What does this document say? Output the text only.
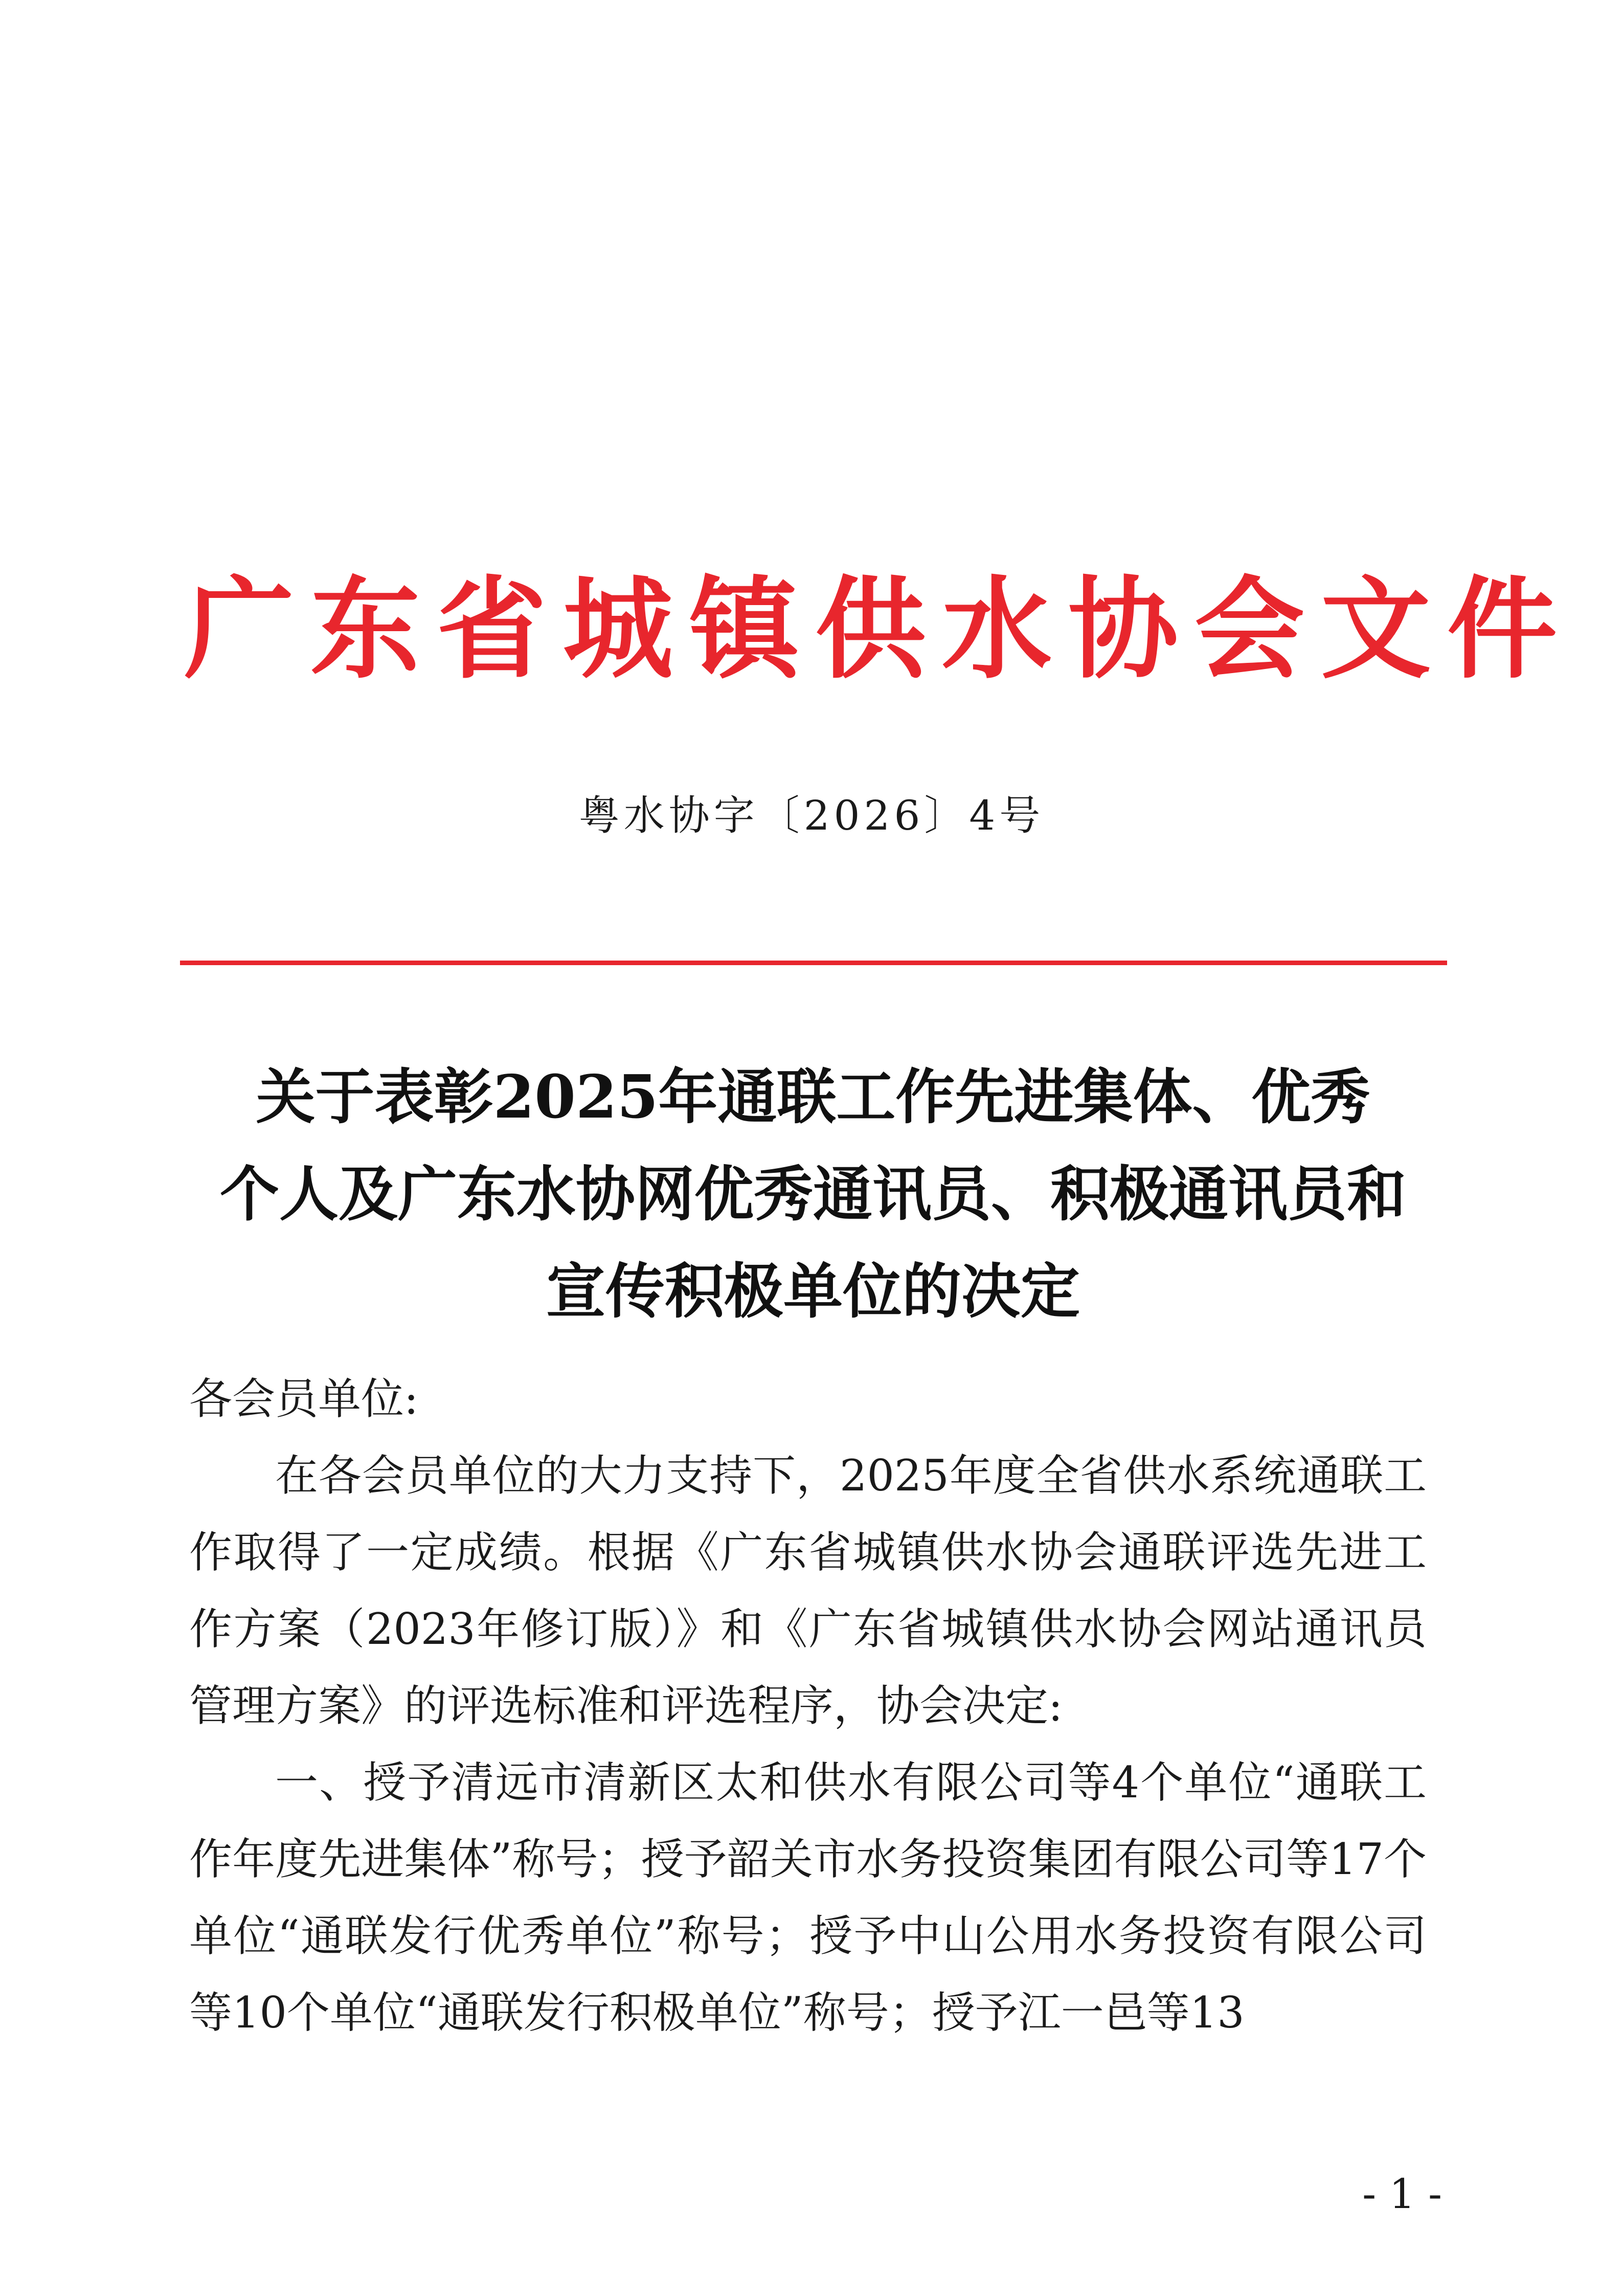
广东省城镇供水协会文件
粤水协字〔2026〕4号
关于表彰2025年通联工作先进集体、优秀
个人及广东水协网优秀通讯员、积极通讯员和
宣传积极单位的决定
各会员单位:

在各会员单位的大力支持下，2025年度全省供水系统通联工作取得了一定成绩。根据《广东省城镇供水协会通联评选先进工作方案（2023年修订版）》和《广东省城镇供水协会网站通讯员管理方案》的评选标准和评选程序，协会决定:

一、授予清远市清新区太和供水有限公司等4个单位“通联工作年度先进集体”称号；授予韶关市水务投资集团有限公司等17个单位“通联发行优秀单位”称号；授予中山公用水务投资有限公司等10个单位“通联发行积极单位”称号；授予江一邑等13

- 1 -
